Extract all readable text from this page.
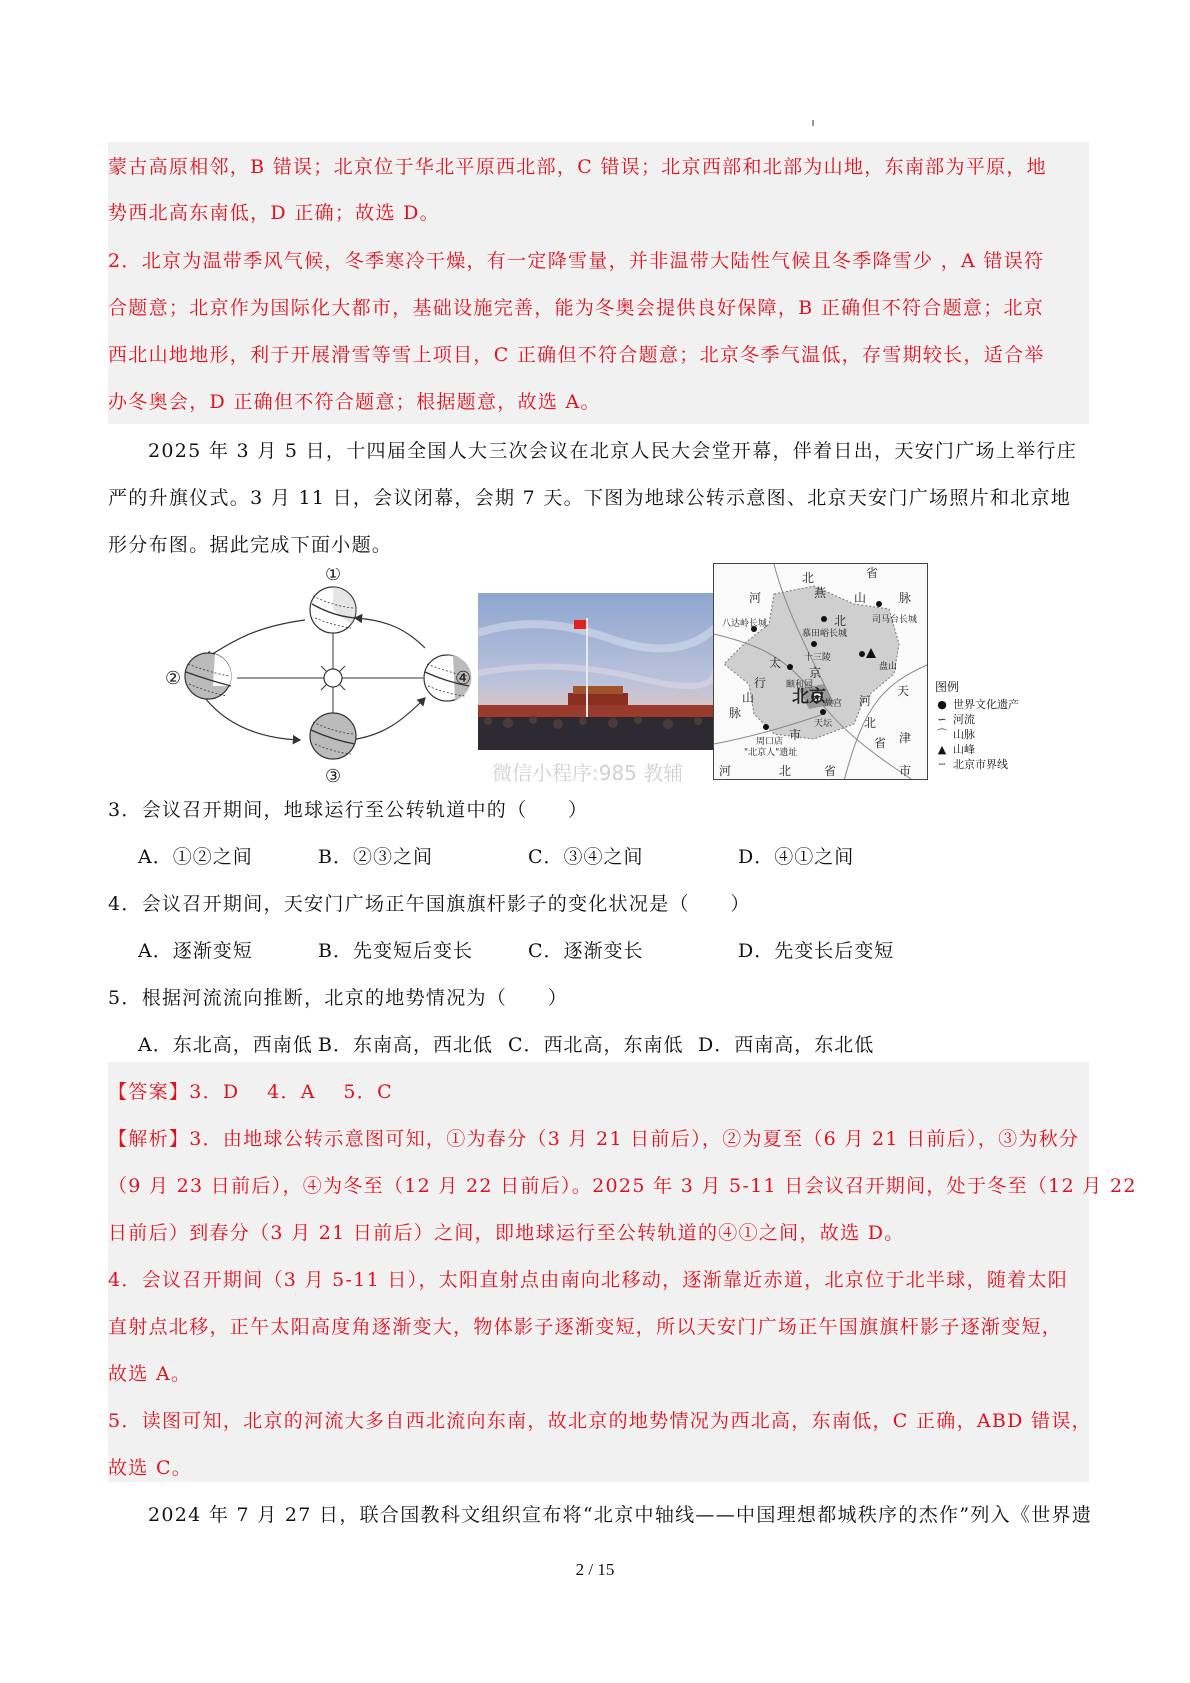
蒙古高原相邻，B 错误；北京位于华北平原西北部，C 错误；北京西部和北部为山地，东南部为平原，地
势西北高东南低，D 正确；故选 D。
2．北京为温带季风气候，冬季寒冷干燥，有一定降雪量，并非温带大陆性气候且冬季降雪少 ，A 错误符
合题意；北京作为国际化大都市，基础设施完善，能为冬奥会提供良好保障，B 正确但不符合题意；北京
西北山地地形，利于开展滑雪等雪上项目，C 正确但不符合题意；北京冬季气温低，存雪期较长，适合举
办冬奥会，D 正确但不符合题意；根据题意，故选 A。
2025 年 3 月 5 日，十四届全国人大三次会议在北京人民大会堂开幕，伴着日出，天安门广场上举行庄
严的升旗仪式。3 月 11 日，会议闭幕，会期 7 天。下图为地球公转示意图、北京天安门广场照片和北京地
形分布图。据此完成下面小题。
①
②
③
④
北
燕 山	脉
省
河
北	司马台长城
八达岭长城
慕田峪长城
十三陵
盘山
太
京
行 颐和园
山 北京
故宫
脉
天坛
河
天
北
省
市
周口店
"北京人"遗址
津
河	北	省	市
图例
● 世界文化遗产
∽ 河流
⌒ 山脉
▲ 山峰
┄ 北京市界线
微信小程序:985 教辅
3．会议召开期间，地球运行至公转轨道中的（　　）
A．①②之间	B．②③之间	C．③④之间	D．④①之间
4．会议召开期间，天安门广场正午国旗旗杆影子的变化状况是（　　）
A．逐渐变短	B．先变短后变长	C．逐渐变长	D．先变长后变短
5．根据河流流向推断，北京的地势情况为（　　）
A．东北高，西南低 B．东南高，西北低 C．西北高，东南低 D．西南高，东北低
【答案】3．D　 4．A　 5．C
【解析】3．由地球公转示意图可知，①为春分（3 月 21 日前后），②为夏至（6 月 21 日前后），③为秋分
（9 月 23 日前后），④为冬至（12 月 22 日前后）。2025 年 3 月 5-11 日会议召开期间，处于冬至（12 月 22
日前后）到春分（3 月 21 日前后）之间，即地球运行至公转轨道的④①之间，故选 D。
4．会议召开期间（3 月 5-11 日），太阳直射点由南向北移动，逐渐靠近赤道，北京位于北半球，随着太阳
直射点北移，正午太阳高度角逐渐变大，物体影子逐渐变短，所以天安门广场正午国旗旗杆影子逐渐变短，
故选 A。
5．读图可知，北京的河流大多自西北流向东南，故北京的地势情况为西北高，东南低，C 正确，ABD 错误，
故选 C。
2024 年 7 月 27 日，联合国教科文组织宣布将“北京中轴线——中国理想都城秩序的杰作”列入《世界遗
2 / 15
